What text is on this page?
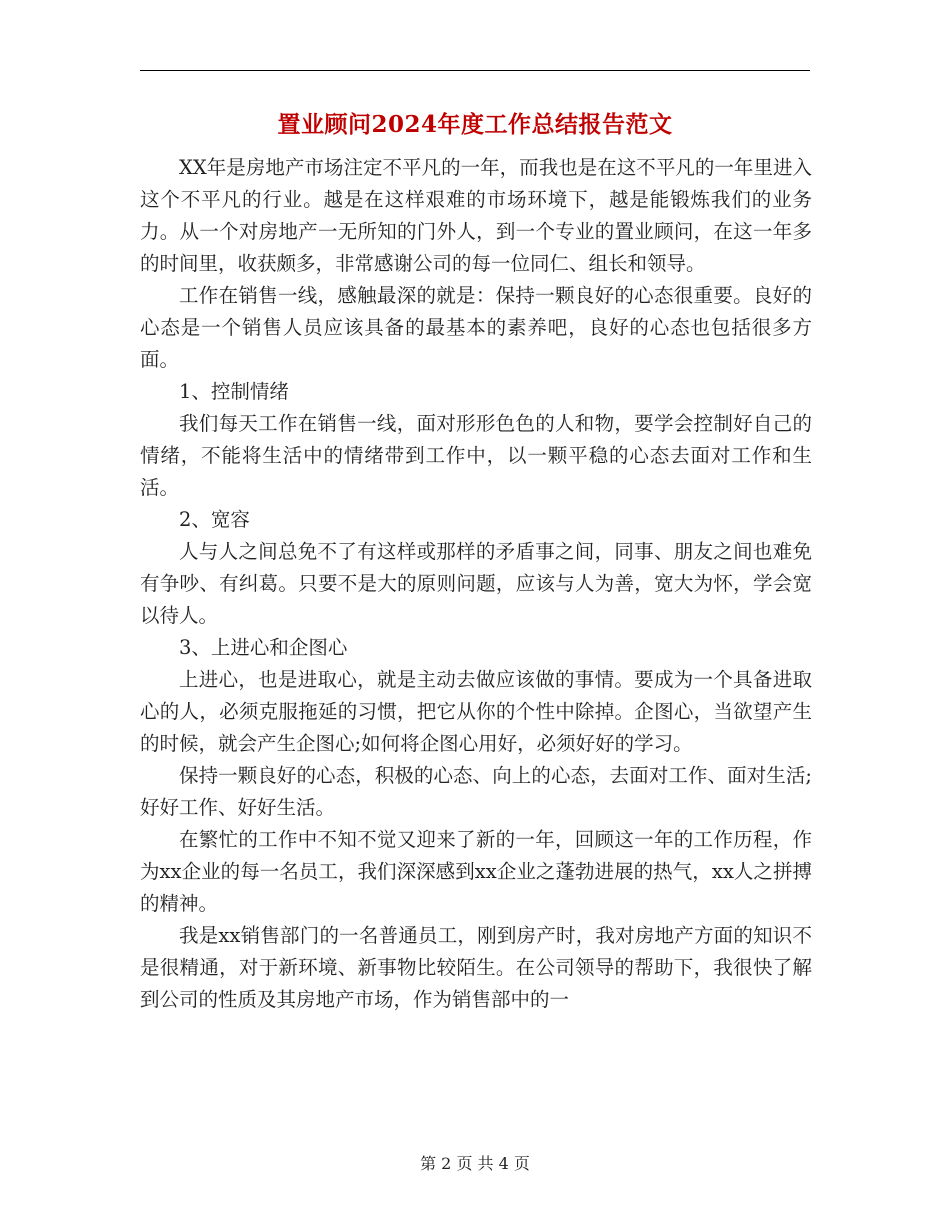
置业顾问2024年度工作总结报告范文

XX年是房地产市场注定不平凡的一年，而我也是在这不平凡的一年里进入这个不平凡的行业。越是在这样艰难的市场环境下，越是能锻炼我们的业务力。从一个对房地产一无所知的门外人，到一个专业的置业顾问，在这一年多的时间里，收获颇多，非常感谢公司的每一位同仁、组长和领导。

工作在销售一线，感触最深的就是：保持一颗良好的心态很重要。良好的心态是一个销售人员应该具备的最基本的素养吧，良好的心态也包括很多方面。

1、控制情绪

我们每天工作在销售一线，面对形形色色的人和物，要学会控制好自己的情绪，不能将生活中的情绪带到工作中，以一颗平稳的心态去面对工作和生活。

2、宽容

人与人之间总免不了有这样或那样的矛盾事之间，同事、朋友之间也难免有争吵、有纠葛。只要不是大的原则问题，应该与人为善，宽大为怀，学会宽以待人。

3、上进心和企图心

上进心，也是进取心，就是主动去做应该做的事情。要成为一个具备进取心的人，必须克服拖延的习惯，把它从你的个性中除掉。企图心，当欲望产生的时候，就会产生企图心;如何将企图心用好，必须好好的学习。

保持一颗良好的心态，积极的心态、向上的心态，去面对工作、面对生活;好好工作、好好生活。

在繁忙的工作中不知不觉又迎来了新的一年，回顾这一年的工作历程，作为xx企业的每一名员工，我们深深感到xx企业之蓬勃进展的热气，xx人之拼搏的精神。

我是xx销售部门的一名普通员工，刚到房产时，我对房地产方面的知识不是很精通，对于新环境、新事物比较陌生。在公司领导的帮助下，我很快了解到公司的性质及其房地产市场，作为销售部中的一

第 2 页 共 4 页
